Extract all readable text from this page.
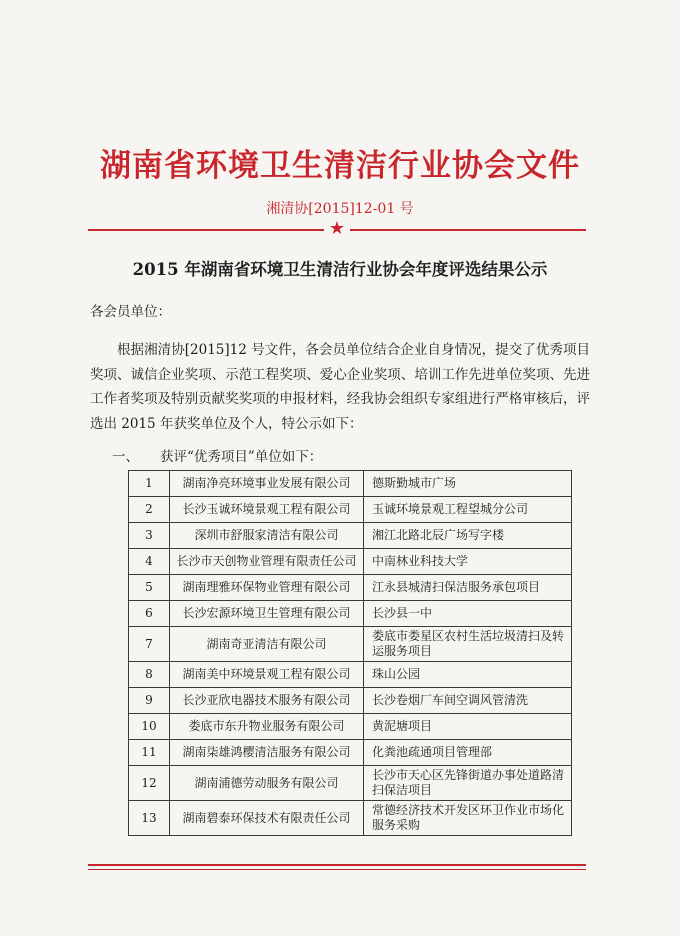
湖南省环境卫生清洁行业协会文件
湘清协[2015]12-01 号
★
2015 年湖南省环境卫生清洁行业协会年度评选结果公示
各会员单位：

根据湘清协[2015]12 号文件，各会员单位结合企业自身情况，提交了优秀项目奖项、诚信企业奖项、示范工程奖项、爱心企业奖项、培训工作先进单位奖项、先进工作者奖项及特别贡献奖奖项的申报材料，经我协会组织专家组进行严格审核后，评选出 2015 年获奖单位及个人，特公示如下：

一、 获评“优秀项目”单位如下：
1	湖南净亮环境事业发展有限公司	德斯勤城市广场
2	长沙玉诚环境景观工程有限公司	玉诚环境景观工程望城分公司
3	深圳市舒服家清洁有限公司	湘江北路北辰广场写字楼
4	长沙市天创物业管理有限责任公司	中南林业科技大学
5	湖南理雅环保物业管理有限公司	江永县城清扫保洁服务承包项目
6	长沙宏源环境卫生管理有限公司	长沙县一中
7	湖南奇亚清洁有限公司	娄底市娄星区农村生活垃圾清扫及转运服务项目
8	湖南美中环境景观工程有限公司	珠山公园
9	长沙亚欣电器技术服务有限公司	长沙卷烟厂车间空调风管清洗
10	娄底市东升物业服务有限公司	黄泥塘项目
11	湖南柒雄鸿樱清洁服务有限公司	化粪池疏通项目管理部
12	湖南浦德劳动服务有限公司	长沙市天心区先锋街道办事处道路清扫保洁项目
13	湖南碧泰环保技术有限责任公司	常德经济技术开发区环卫作业市场化服务采购
